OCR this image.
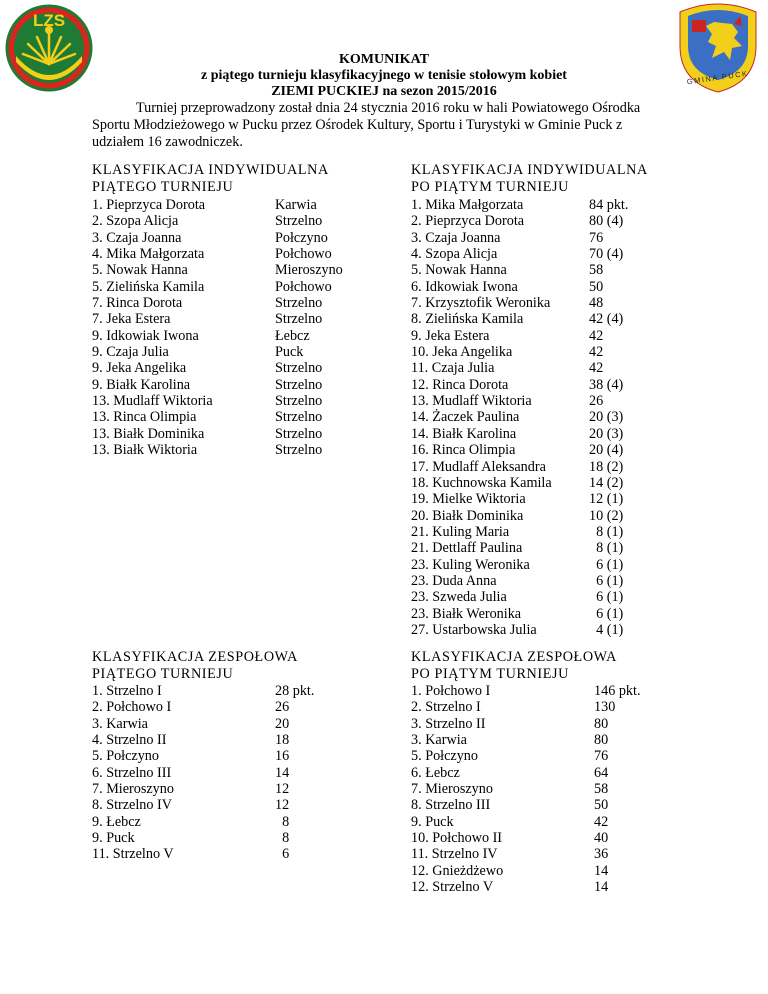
LZS
GMINA PUCK
KOMUNIKAT
z piątego turnieju klasyfikacyjnego w tenisie stołowym kobiet
ZIEMI PUCKIEJ na sezon 2015/2016
Turniej przeprowadzony został dnia 24 stycznia 2016 roku w hali Powiatowego Ośrodka Sportu Młodzieżowego w Pucku przez Ośrodek Kultury, Sportu i Turystyki w Gminie Puck z udziałem 16 zawodniczek.
KLASYFIKACJA INDYWIDUALNA
PIĄTEGO TURNIEJU
1. Pieprzyca Dorota	Karwia
2. Szopa Alicja	Strzelno
3. Czaja Joanna	Połczyno
4. Mika Małgorzata	Połchowo
5. Nowak Hanna	Mieroszyno
5. Zielińska Kamila	Połchowo
7. Rinca Dorota	Strzelno
7. Jeka Estera	Strzelno
9. Idkowiak Iwona	Łebcz
9. Czaja Julia	Puck
9. Jeka Angelika	Strzelno
9. Białk Karolina	Strzelno
13. Mudlaff Wiktoria	Strzelno
13. Rinca Olimpia	Strzelno
13. Białk Dominika	Strzelno
13. Białk Wiktoria	Strzelno
KLASYFIKACJA INDYWIDUALNA
PO PIĄTYM TURNIEJU
1. Mika Małgorzata	84 pkt.
2. Pieprzyca Dorota	80 (4)
3. Czaja Joanna	76
4. Szopa Alicja	70 (4)
5. Nowak Hanna	58
6. Idkowiak Iwona	50
7. Krzysztofik Weronika	48
8. Zielińska Kamila	42 (4)
9. Jeka Estera	42
10. Jeka Angelika	42
11. Czaja Julia	42
12. Rinca Dorota	38 (4)
13. Mudlaff Wiktoria	26
14. Żaczek Paulina	20 (3)
14. Białk Karolina	20 (3)
16. Rinca Olimpia	20 (4)
17. Mudlaff Aleksandra	18 (2)
18. Kuchnowska Kamila	14 (2)
19. Mielke Wiktoria	12 (1)
20. Białk Dominika	10 (2)
21. Kuling Maria	8 (1)
21. Dettlaff Paulina	8 (1)
23. Kuling Weronika	6 (1)
23. Duda Anna	6 (1)
23. Szweda Julia	6 (1)
23. Białk Weronika	6 (1)
27. Ustarbowska Julia	4 (1)
KLASYFIKACJA ZESPOŁOWA
PIĄTEGO TURNIEJU
1. Strzelno I	28 pkt.
2. Połchowo I	26
3. Karwia	20
4. Strzelno II	18
5. Połczyno	16
6. Strzelno III	14
7. Mieroszyno	12
8. Strzelno IV	12
9. Łebcz	8
9. Puck	8
11. Strzelno V	6
KLASYFIKACJA ZESPOŁOWA
PO PIĄTYM TURNIEJU
1. Połchowo I	146 pkt.
2. Strzelno I	130
3. Strzelno II	80
3. Karwia	80
5. Połczyno	76
6. Łebcz	64
7. Mieroszyno	58
8. Strzelno III	50
9. Puck	42
10. Połchowo II	40
11. Strzelno IV	36
12. Gnieżdżewo	14
12. Strzelno V	14
